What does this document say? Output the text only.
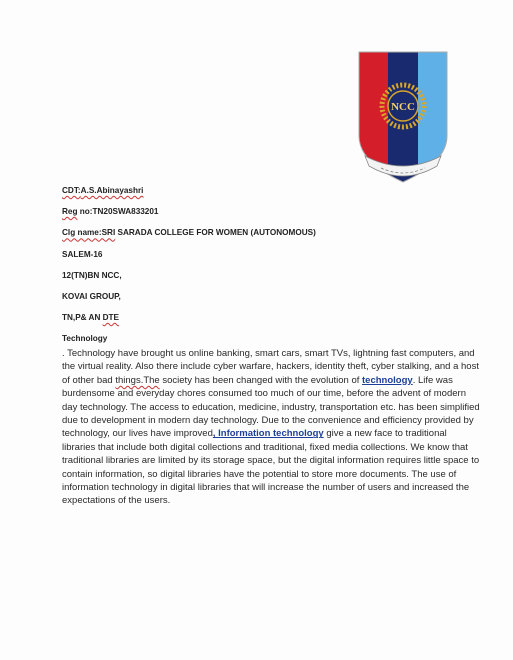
NCC
CDT:A.S.Abinayashri
Reg no:TN20SWA833201
Clg name:SRI SARADA COLLEGE FOR WOMEN (AUTONOMOUS)
SALEM-16
12(TN)BN NCC,
KOVAI GROUP,
TN,P& AN DTE
Technology
. Technology have brought us online banking, smart cars, smart TVs, lightning fast computers, and the virtual reality. Also there include cyber warfare, hackers, identity theft, cyber stalking, and a host of other bad things.The society has been changed with the evolution of technology. Life was burdensome and everyday chores consumed too much of our time, before the advent of modern day technology. The access to education, medicine, industry, transportation etc. has been simplified due to development in modern day technology. Due to the convenience and efficiency provided by technology, our lives have improved, Information technology give a new face to traditional libraries that include both digital collections and traditional, fixed media collections. We know that traditional libraries are limited by its storage space, but the digital information requires little space to contain information, so digital libraries have the potential to store more documents. The use of information technology in digital libraries that will increase the number of users and increased the expectations of the users.
